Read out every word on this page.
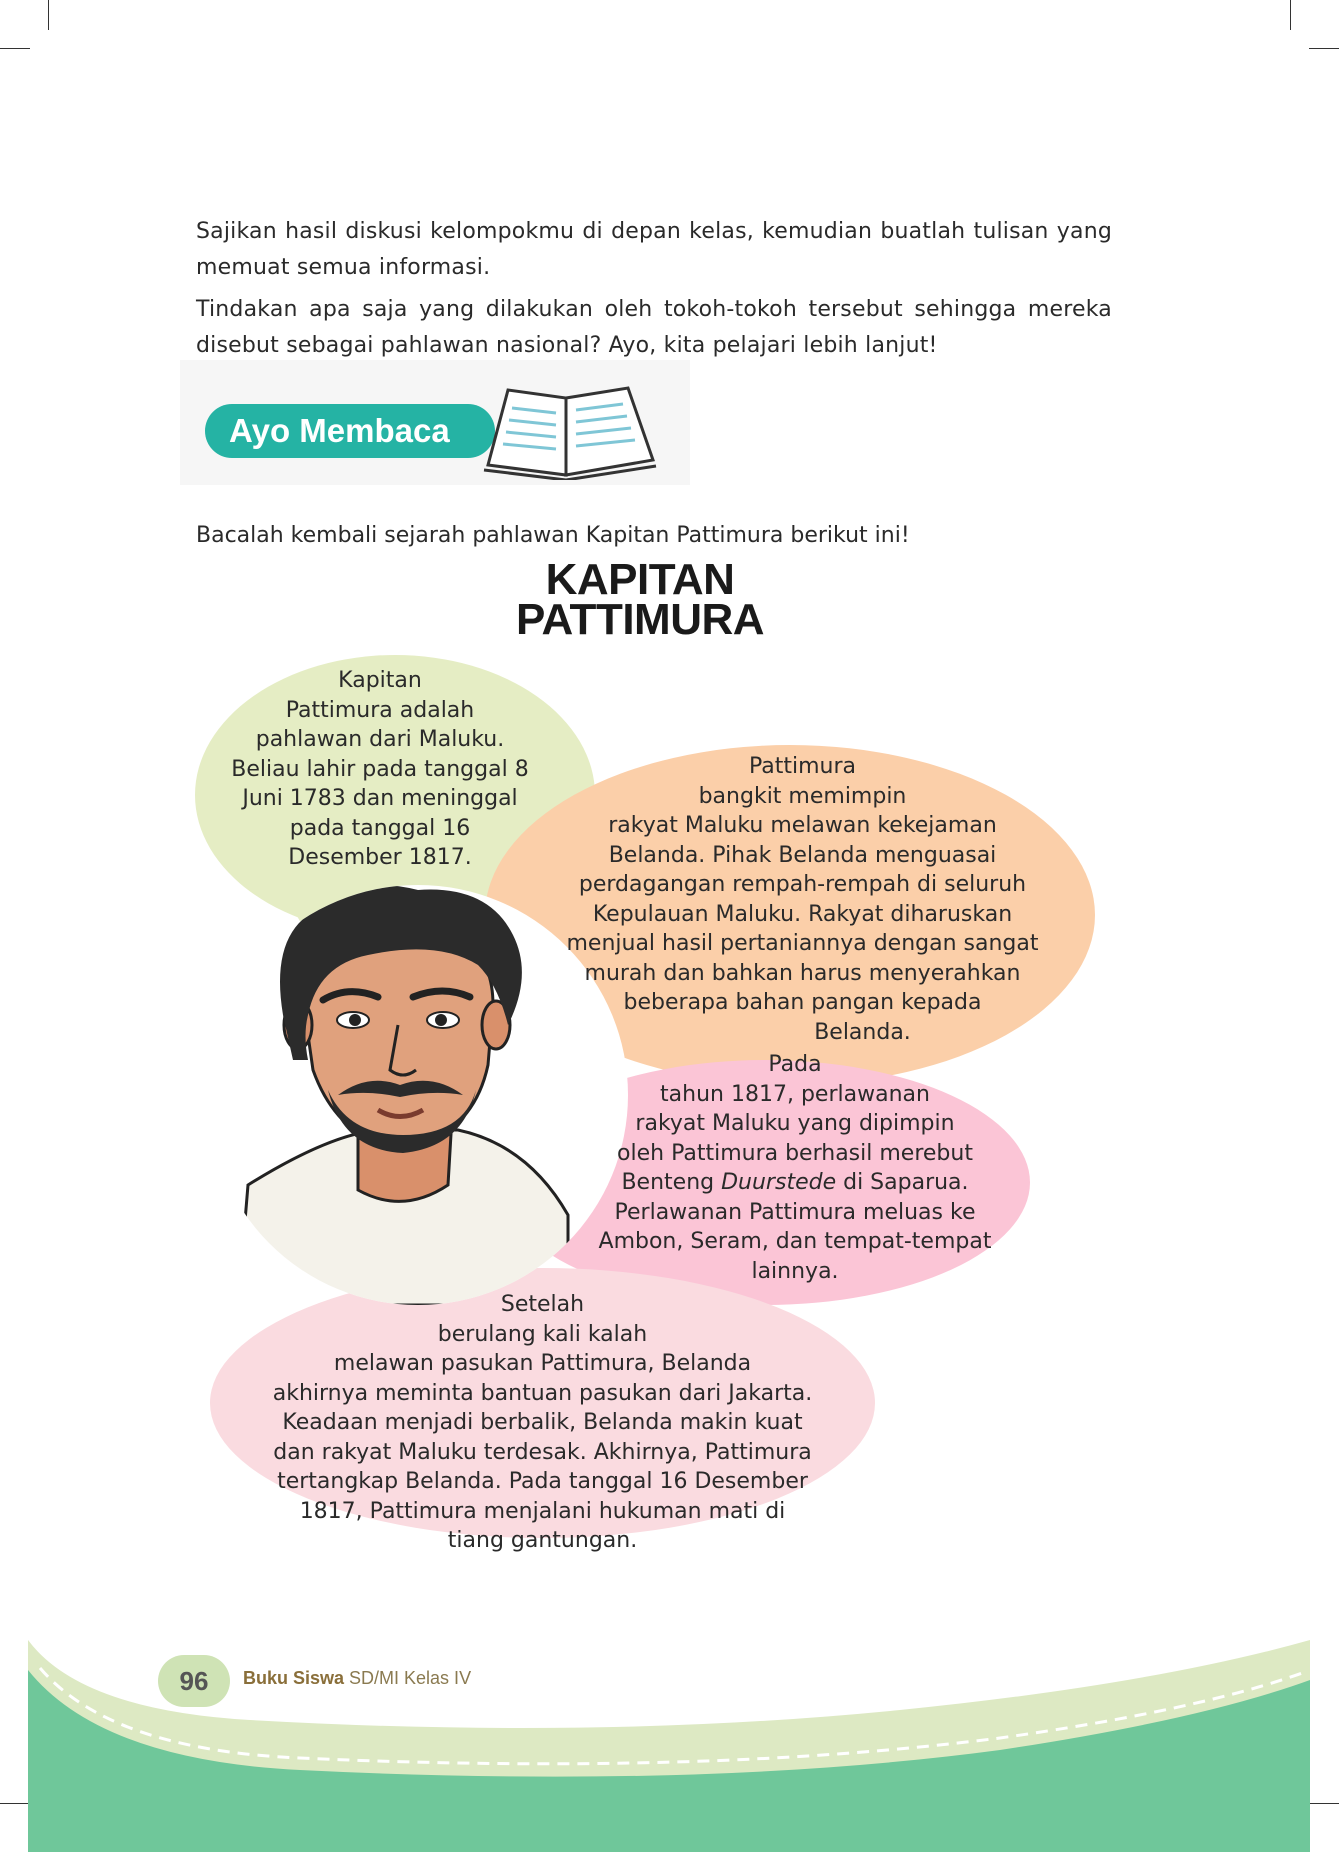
Sajikan hasil diskusi kelompokmu di depan kelas, kemudian buatlah tulisan yang memuat semua informasi.

Tindakan apa saja yang dilakukan oleh tokoh-tokoh tersebut sehingga mereka disebut sebagai pahlawan nasional? Ayo, kita pelajari lebih lanjut!

Ayo Membaca

Bacalah kembali sejarah pahlawan Kapitan Pattimura berikut ini!

KAPITAN
PATTIMURA
Kapitan
Pattimura adalah
pahlawan dari Maluku.
Beliau lahir pada tanggal 8
Juni 1783 dan meninggal
pada tanggal 16
Desember 1817.
Pattimura
bangkit memimpin
rakyat Maluku melawan kekejaman
Belanda. Pihak Belanda menguasai
perdagangan rempah-rempah di seluruh
Kepulauan Maluku. Rakyat diharuskan
menjual hasil pertaniannya dengan sangat
murah dan bahkan harus menyerahkan
beberapa bahan pangan kepada
Belanda.
Pada
tahun 1817, perlawanan
rakyat Maluku yang dipimpin
oleh Pattimura berhasil merebut
Benteng Duurstede di Saparua.
Perlawanan Pattimura meluas ke
Ambon, Seram, dan tempat-tempat
lainnya.
Setelah
berulang kali kalah
melawan pasukan Pattimura, Belanda
akhirnya meminta bantuan pasukan dari Jakarta.
Keadaan menjadi berbalik, Belanda makin kuat
dan rakyat Maluku terdesak. Akhirnya, Pattimura
tertangkap Belanda. Pada tanggal 16 Desember
1817, Pattimura menjalani hukuman mati di
tiang gantungan.
96	Buku Siswa SD/MI Kelas IV
